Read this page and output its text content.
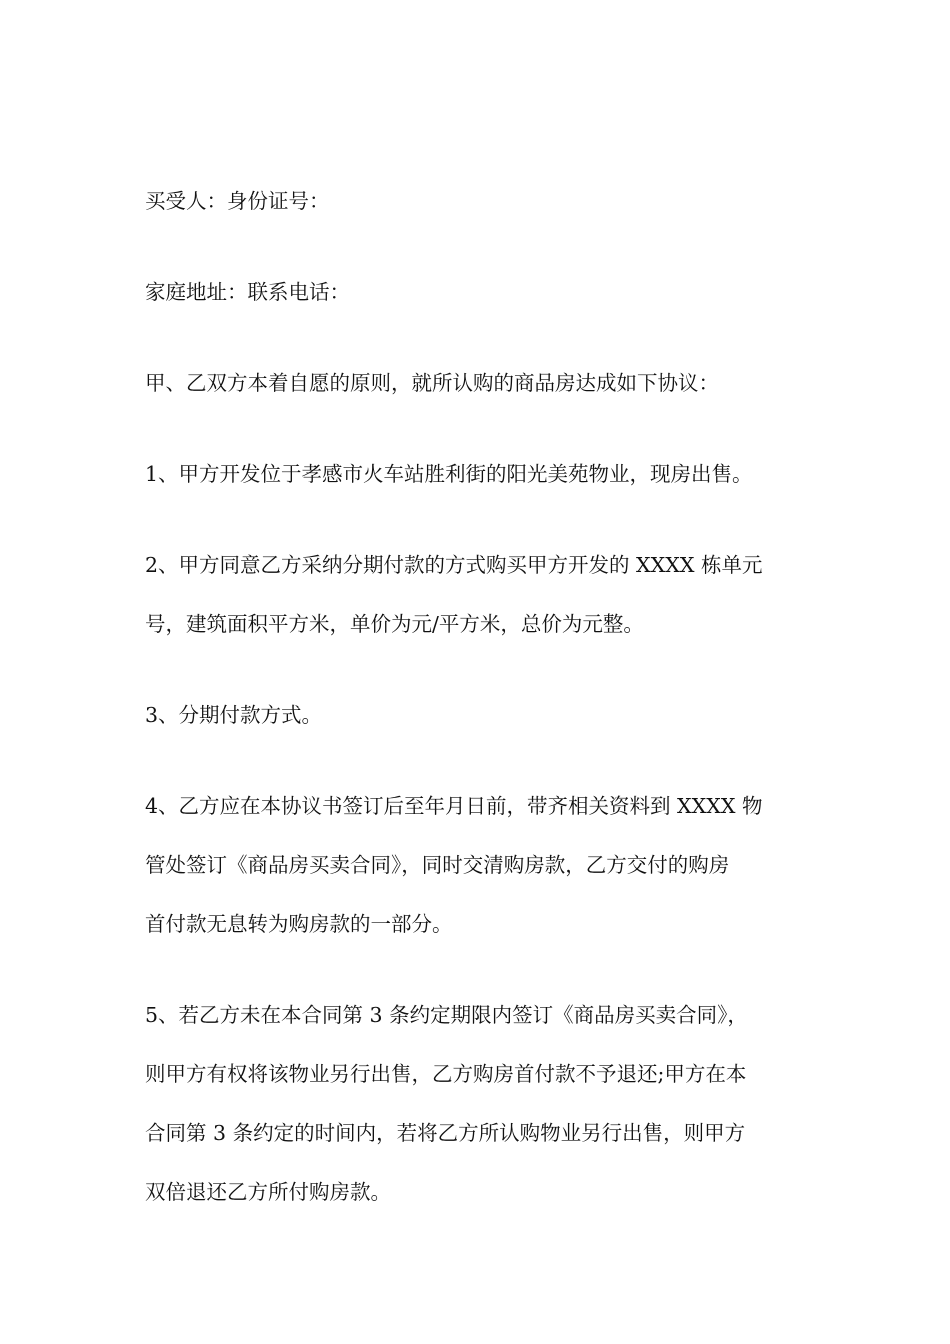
买受人：身份证号：

家庭地址：联系电话：

甲、乙双方本着自愿的原则，就所认购的商品房达成如下协议：

1、甲方开发位于孝感市火车站胜利街的阳光美苑物业，现房出售。

2、甲方同意乙方采纳分期付款的方式购买甲方开发的 XXXX 栋单元
号，建筑面积平方米，单价为元/平方米，总价为元整。

3、分期付款方式。

4、乙方应在本协议书签订后至年月日前，带齐相关资料到 XXXX 物
管处签订《商品房买卖合同》，同时交清购房款，乙方交付的购房
首付款无息转为购房款的一部分。

5、若乙方未在本合同第 3 条约定期限内签订《商品房买卖合同》，
则甲方有权将该物业另行出售，乙方购房首付款不予退还;甲方在本
合同第 3 条约定的时间内，若将乙方所认购物业另行出售，则甲方
双倍退还乙方所付购房款。
